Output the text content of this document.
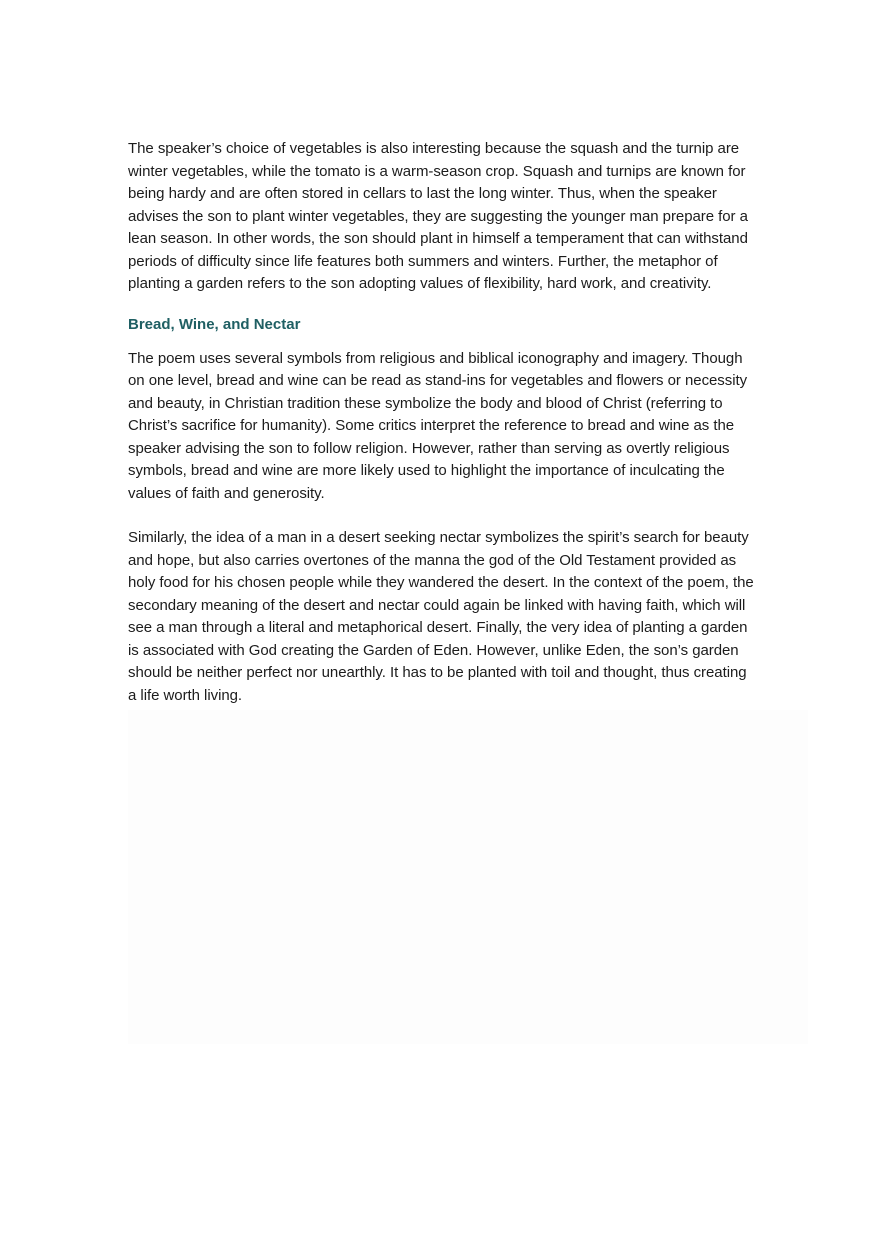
The speaker’s choice of vegetables is also interesting because the squash and the turnip are winter vegetables, while the tomato is a warm-season crop. Squash and turnips are known for being hardy and are often stored in cellars to last the long winter. Thus, when the speaker advises the son to plant winter vegetables, they are suggesting the younger man prepare for a lean season. In other words, the son should plant in himself a temperament that can withstand periods of difficulty since life features both summers and winters. Further, the metaphor of planting a garden refers to the son adopting values of flexibility, hard work, and creativity.

Bread, Wine, and Nectar

The poem uses several symbols from religious and biblical iconography and imagery. Though on one level, bread and wine can be read as stand-ins for vegetables and flowers or necessity and beauty, in Christian tradition these symbolize the body and blood of Christ (referring to Christ’s sacrifice for humanity). Some critics interpret the reference to bread and wine as the speaker advising the son to follow religion. However, rather than serving as overtly religious symbols, bread and wine are more likely used to highlight the importance of inculcating the values of faith and generosity.

Similarly, the idea of a man in a desert seeking nectar symbolizes the spirit’s search for beauty and hope, but also carries overtones of the manna the god of the Old Testament provided as holy food for his chosen people while they wandered the desert. In the context of the poem, the secondary meaning of the desert and nectar could again be linked with having faith, which will see a man through a literal and metaphorical desert. Finally, the very idea of planting a garden is associated with God creating the Garden of Eden. However, unlike Eden, the son’s garden should be neither perfect nor unearthly. It has to be planted with toil and thought, thus creating a life worth living.
